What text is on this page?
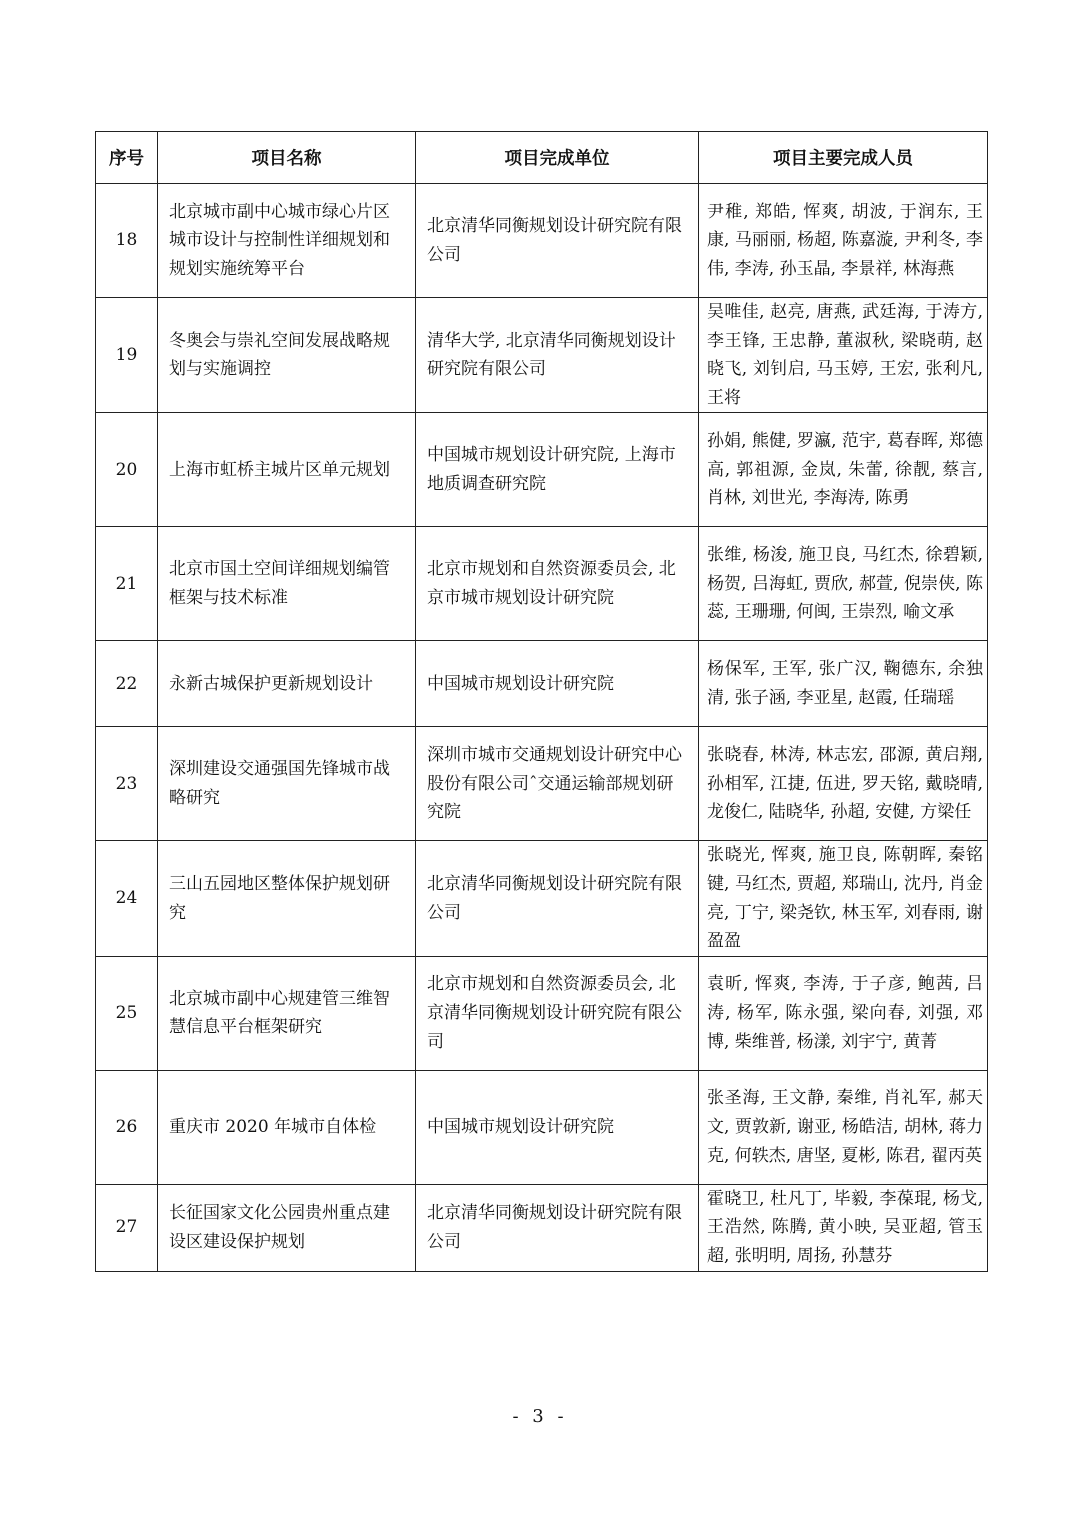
序号	项目名称	项目完成单位	项目主要完成人员
18	北京城市副中心城市绿心片区城市设计与控制性详细规划和规划实施统筹平台	北京清华同衡规划设计研究院有限公司	尹稚, 郑皓, 恽爽, 胡波, 于润东, 王康, 马丽丽, 杨超, 陈嘉漩, 尹利冬, 李伟, 李涛, 孙玉晶, 李景祥, 林海燕
19	冬奥会与崇礼空间发展战略规划与实施调控	清华大学, 北京清华同衡规划设计研究院有限公司	吴唯佳, 赵亮, 唐燕, 武廷海, 于涛方, 李王锋, 王忠静, 董淑秋, 梁晓萌, 赵晓飞, 刘钊启, 马玉婷, 王宏, 张利凡, 王将
20	上海市虹桥主城片区单元规划	中国城市规划设计研究院, 上海市地质调查研究院	孙娟, 熊健, 罗瀛, 范宇, 葛春晖, 郑德高, 郭祖源, 金岚, 朱蕾, 徐靓, 蔡言, 肖林, 刘世光, 李海涛, 陈勇
21	北京市国土空间详细规划编管框架与技术标准	北京市规划和自然资源委员会, 北京市城市规划设计研究院	张维, 杨浚, 施卫良, 马红杰, 徐碧颖, 杨贺, 吕海虹, 贾欣, 郝萱, 倪崇侠, 陈蕊, 王珊珊, 何闽, 王崇烈, 喻文承
22	永新古城保护更新规划设计	中国城市规划设计研究院	杨保军, 王军, 张广汉, 鞠德东, 余独清, 张子涵, 李亚星, 赵霞, 任瑞瑶
23	深圳建设交通强国先锋城市战略研究	深圳市城市交通规划设计研究中心股份有限公司ˆ交通运输部规划研究院	张晓春, 林涛, 林志宏, 邵源, 黄启翔, 孙相军, 江捷, 伍进, 罗天铭, 戴晓晴, 龙俊仁, 陆晓华, 孙超, 安健, 方梁任
24	三山五园地区整体保护规划研究	北京清华同衡规划设计研究院有限公司	张晓光, 恽爽, 施卫良, 陈朝晖, 秦铭键, 马红杰, 贾超, 郑瑞山, 沈丹, 肖金亮, 丁宁, 梁尧钦, 林玉军, 刘春雨, 谢盈盈
25	北京城市副中心规建管三维智慧信息平台框架研究	北京市规划和自然资源委员会, 北京清华同衡规划设计研究院有限公司	袁昕, 恽爽, 李涛, 于子彦, 鲍茜, 吕涛, 杨军, 陈永强, 梁向春, 刘强, 邓博, 柴维普, 杨漾, 刘宇宁, 黄菁
26	重庆市 2020 年城市自体检	中国城市规划设计研究院	张圣海, 王文静, 秦维, 肖礼军, 郝天文, 贾敦新, 谢亚, 杨皓洁, 胡林, 蒋力克, 何轶杰, 唐坚, 夏彬, 陈君, 翟丙英
27	长征国家文化公园贵州重点建设区建设保护规划	北京清华同衡规划设计研究院有限公司	霍晓卫, 杜凡丁, 毕毅, 李葆琨, 杨戈, 王浩然, 陈腾, 黄小映, 吴亚超, 管玉超, 张明明, 周扬, 孙慧芬
- 3 -
